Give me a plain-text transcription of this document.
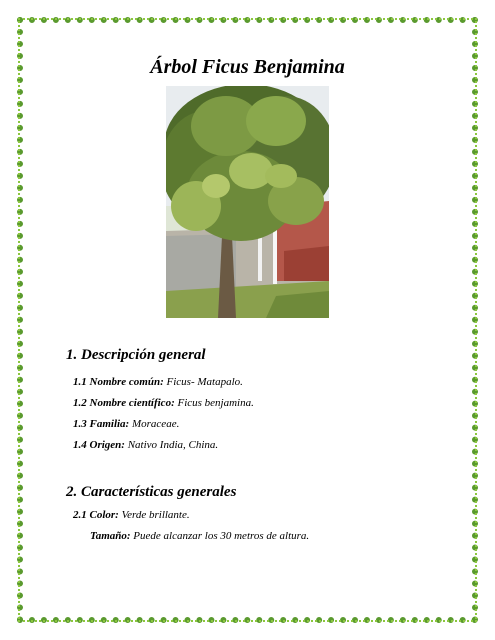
Árbol Ficus Benjamina
1. Descripción general
1.1 Nombre común: Ficus- Matapalo.
1.2 Nombre científico: Ficus benjamina.
1.3 Familia: Moraceae.
1.4 Origen: Nativo India, China.
2. Características generales
2.1 Color: Verde brillante.
Tamaño: Puede alcanzar los 30 metros de altura.
